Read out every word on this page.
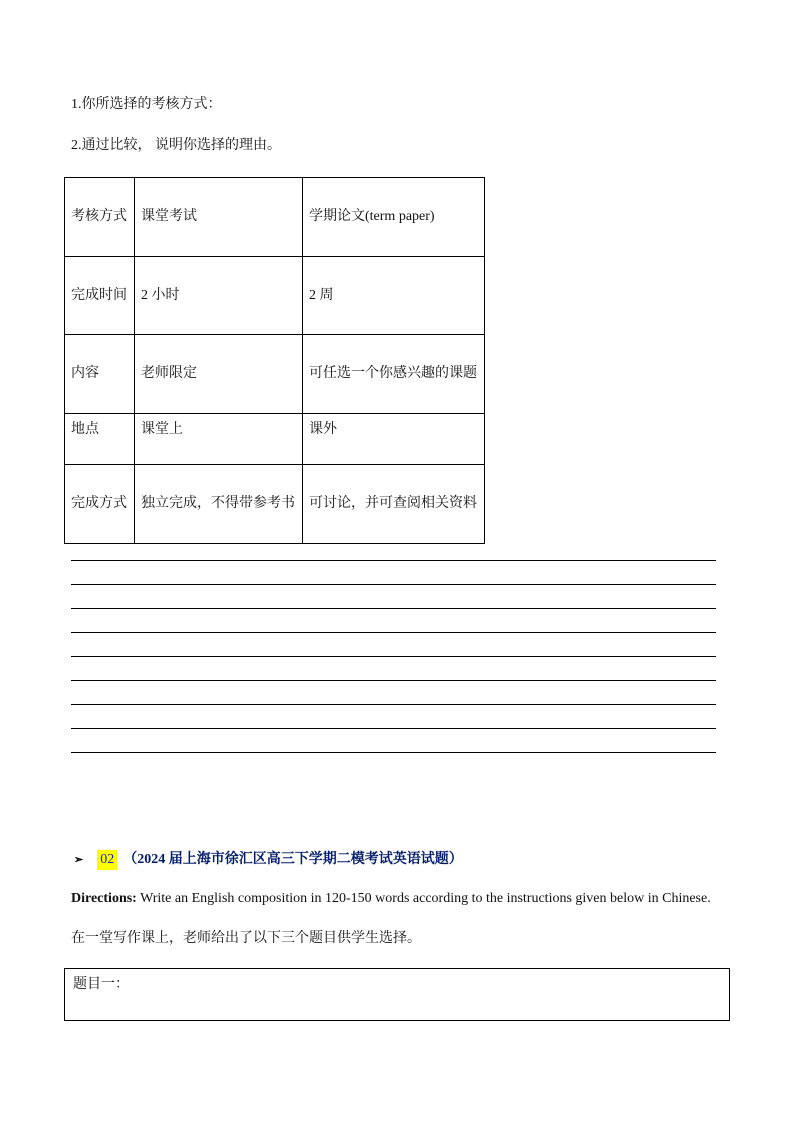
1.你所选择的考核方式：
2.通过比较， 说明你选择的理由。
考核方式	课堂考试	学期论文(term paper)
完成时间	2 小时	2 周
内容	老师限定	可任选一个你感兴趣的课题
地点	课堂上	课外
完成方式	独立完成，不得带参考书	可讨论，并可查阅相关资料
➢ 02 （2024 届上海市徐汇区高三下学期二模考试英语试题）
Directions: Write an English composition in 120-150 words according to the instructions given below in Chinese.
在一堂写作课上，老师给出了以下三个题目供学生选择。
题目一：
